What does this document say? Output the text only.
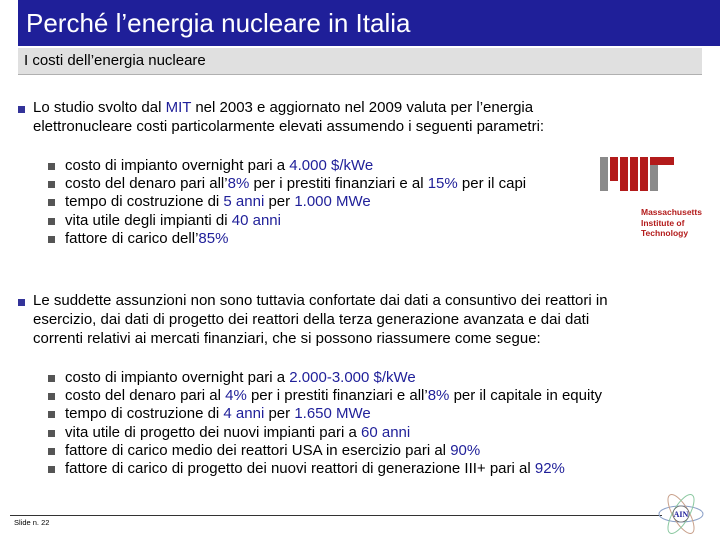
Perché l’energia nucleare in Italia
I costi dell’energia nucleare
Lo studio svolto dal MIT nel 2003 e aggiornato nel 2009 valuta per l’energia
elettronucleare costi particolarmente elevati assumendo i seguenti parametri:
costo di impianto overnight pari a 4.000 $/kWe
costo del denaro pari all’8% per i prestiti finanziari e al 15% per il capi
tempo di costruzione di 5 anni per 1.000 MWe
vita utile degli impianti di 40 anni
fattore di carico dell’85%
Massachusetts
Institute of
Technology
Le suddette assunzioni non sono tuttavia confortate dai dati a consuntivo dei reattori in
esercizio, dai dati di progetto dei reattori della terza generazione avanzata e dai dati
correnti relativi ai mercati finanziari, che si possono riassumere come segue:
costo di impianto overnight pari a 2.000-3.000 $/kWe
costo del denaro pari al 4% per i prestiti finanziari e all’8% per il capitale in equity
tempo di costruzione di 4 anni per 1.650 MWe
vita utile di progetto dei nuovi impianti pari a 60 anni
fattore di carico medio dei reattori USA in esercizio pari al 90%
fattore di carico di progetto dei nuovi reattori di generazione III+ pari al 92%
Slide n. 22
AIN
